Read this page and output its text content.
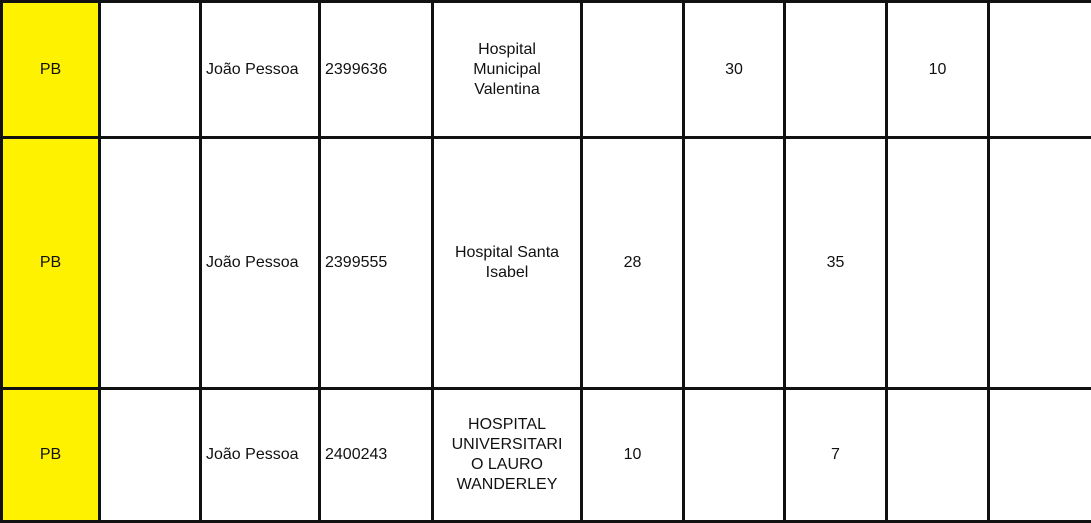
PB		João Pessoa	2399636	Hospital
Municipal
Valentina		30		10	
PB		João Pessoa	2399555	Hospital Santa
Isabel	28		35		
PB		João Pessoa	2400243	HOSPITAL
UNIVERSITARI
O LAURO
WANDERLEY	10		7		
